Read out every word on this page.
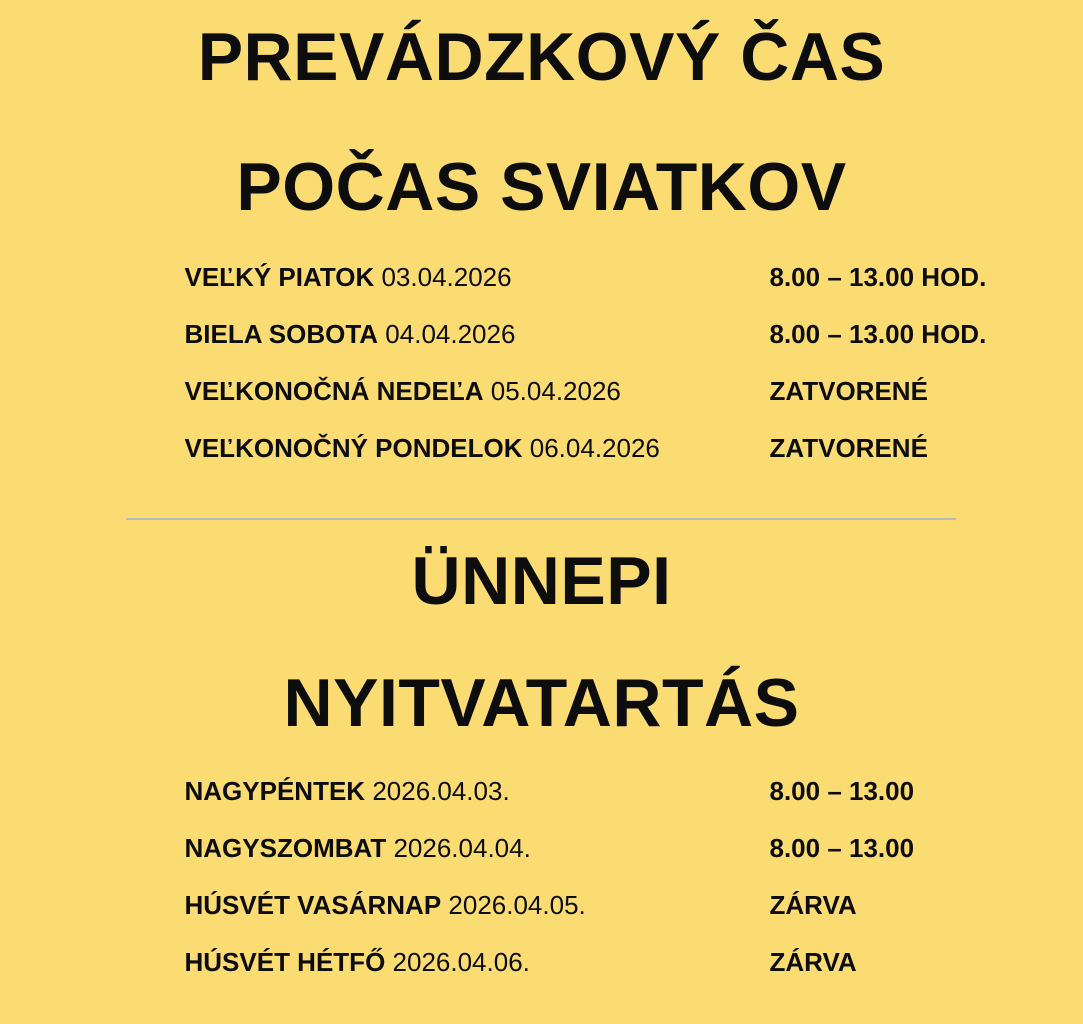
PREVÁDZKOVÝ ČAS
POČAS SVIATKOV
VEĽKÝ PIATOK 03.04.2026	8.00 – 13.00 HOD.
BIELA SOBOTA 04.04.2026	8.00 – 13.00 HOD.
VEĽKONOČNÁ NEDEĽA 05.04.2026	ZATVORENÉ
VEĽKONOČNÝ PONDELOK 06.04.2026	ZATVORENÉ
ÜNNEPI
NYITVATARTÁS
NAGYPÉNTEK 2026.04.03.	8.00 – 13.00
NAGYSZOMBAT 2026.04.04.	8.00 – 13.00
HÚSVÉT VASÁRNAP 2026.04.05.	ZÁRVA
HÚSVÉT HÉTFŐ 2026.04.06.	ZÁRVA
